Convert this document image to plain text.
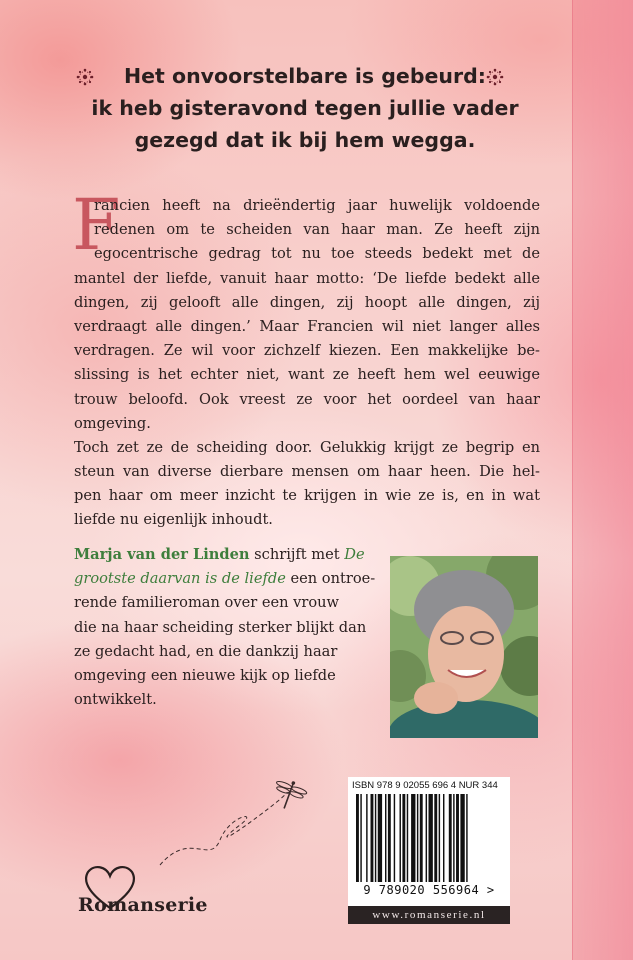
Het onvoorstelbare is gebeurd:
ik heb gisteravond tegen jullie vader
gezegd dat ik bij hem wegga.
F
rancien heeft na drieëndertig jaar huwelijk voldoende
redenen om te scheiden van haar man. Ze heeft zijn
egocentrische gedrag tot nu toe steeds bedekt met de
mantel der liefde, vanuit haar motto: ‘De liefde bedekt alle
dingen, zij gelooft alle dingen, zij hoopt alle dingen, zij
verdraagt alle dingen.’ Maar Francien wil niet langer alles
verdragen. Ze wil voor zichzelf kiezen. Een makkelijke be-
slissing is het echter niet, want ze heeft hem wel eeuwige
trouw beloofd. Ook vreest ze voor het oordeel van haar
omgeving.
Toch zet ze de scheiding door. Gelukkig krijgt ze begrip en
steun van diverse dierbare mensen om haar heen. Die hel-
pen haar om meer inzicht te krijgen in wie ze is, en in wat
liefde nu eigenlijk inhoudt.
Marja van der Linden schrijft met De
grootste daarvan is de liefde een ontroe-
rende familieroman over een vrouw
die na haar scheiding sterker blijkt dan
ze gedacht had, en die dankzij haar
omgeving een nieuwe kijk op liefde
ontwikkelt.
Romanserie
ISBN 978 9 02055 696 4 NUR 344
9 789020 556964 >
www.romanserie.nl
